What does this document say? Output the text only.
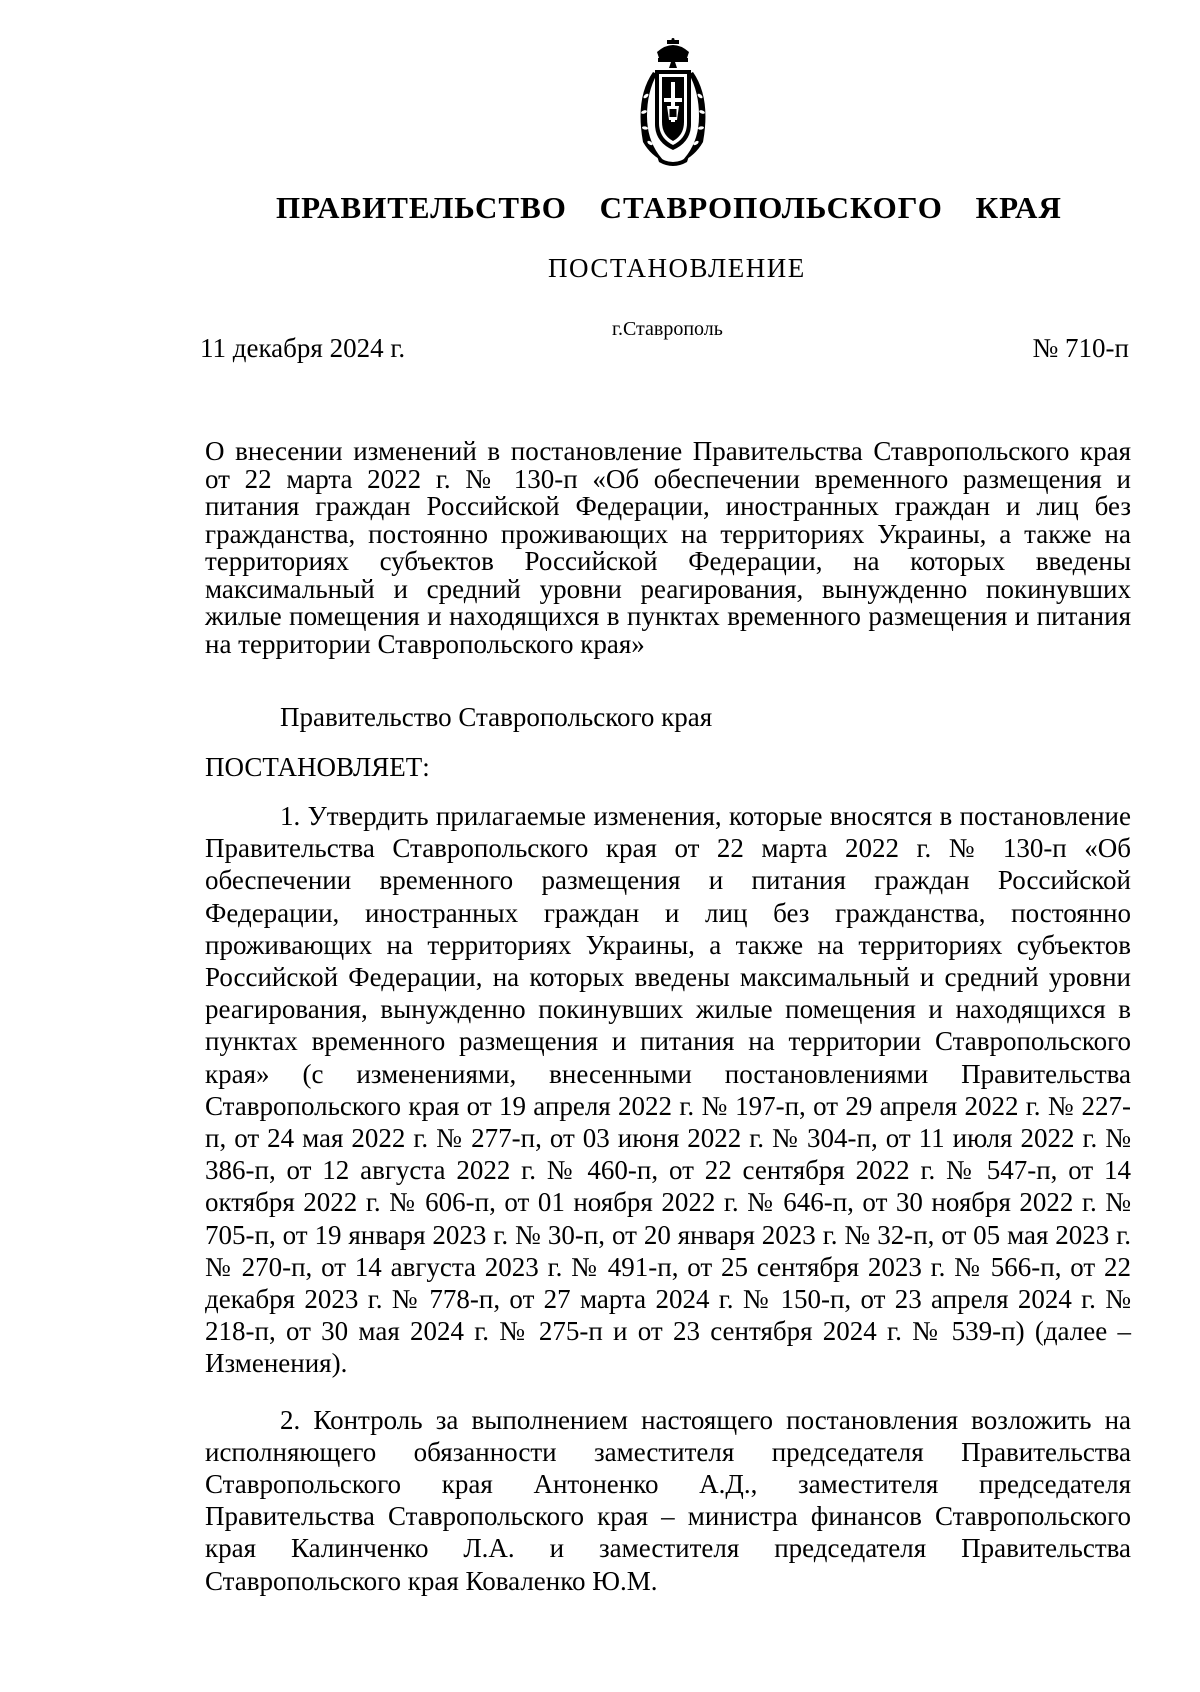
ПРАВИТЕЛЬСТВО СТАВРОПОЛЬСКОГО КРАЯ
ПОСТАНОВЛЕНИЕ
11 декабря 2024 г.
г.Ставрополь
№ 710-п
О внесении изменений в постановление Правительства Ставропольского края от 22 марта 2022 г. № 130-п «Об обеспечении временного размещения и питания граждан Российской Федерации, иностранных граждан и лиц без гражданства, постоянно проживающих на территориях Украины, а также на территориях субъектов Российской Федерации, на которых введены максимальный и средний уровни реагирования, вынужденно покинувших жилые помещения и находящихся в пунктах временного размещения и питания на территории Ставропольского края»

Правительство Ставропольского края

ПОСТАНОВЛЯЕТ:

1. Утвердить прилагаемые изменения, которые вносятся в постановление Правительства Ставропольского края от 22 марта 2022 г. № 130-п «Об обеспечении временного размещения и питания граждан Российской Федерации, иностранных граждан и лиц без гражданства, постоянно проживающих на территориях Украины, а также на территориях субъектов Российской Федерации, на которых введены максимальный и средний уровни реагирования, вынужденно покинувших жилые помещения и находящихся в пунктах временного размещения и питания на территории Ставропольского края» (с изменениями, внесенными постановлениями Правительства Ставропольского края от 19 апреля 2022 г. № 197-п, от 29 апреля 2022 г. № 227-п, от 24 мая 2022 г. № 277-п, от 03 июня 2022 г. № 304-п, от 11 июля 2022 г. № 386-п, от 12 августа 2022 г. № 460-п, от 22 сентября 2022 г. № 547-п, от 14 октября 2022 г. № 606-п, от 01 ноября 2022 г. № 646-п, от 30 ноября 2022 г. № 705-п, от 19 января 2023 г. № 30-п, от 20 января 2023 г. № 32-п, от 05 мая 2023 г. № 270-п, от 14 августа 2023 г. № 491-п, от 25 сентября 2023 г. № 566-п, от 22 декабря 2023 г. № 778-п, от 27 марта 2024 г. № 150-п, от 23 апреля 2024 г. № 218-п, от 30 мая 2024 г. № 275-п и от 23 сентября 2024 г. № 539-п) (далее – Изменения).

2. Контроль за выполнением настоящего постановления возложить на исполняющего обязанности заместителя председателя Правительства Ставропольского края Антоненко А.Д., заместителя председателя Правительства Ставропольского края – министра финансов Ставропольского края Калинченко Л.А. и заместителя председателя Правительства Ставропольского края Коваленко Ю.М.
